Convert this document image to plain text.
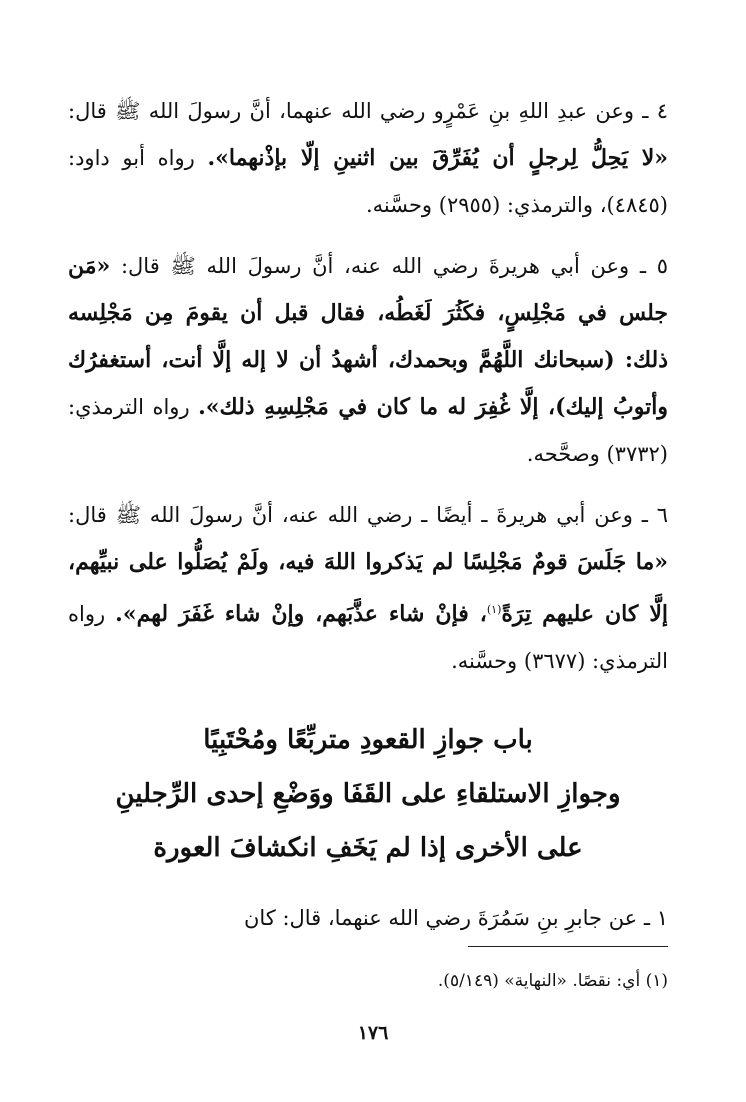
٤ ـ وعن عبدِ اللهِ بنِ عَمْرٍو رضي الله عنهما، أنَّ رسولَ الله ﷺ قال: «لا يَحِلُّ لِرجلٍ أن يُفَرِّقَ بين اثنينِ إلّا بإذْنهما». رواه أبو داود: (٤٨٤٥)، والترمذي: (٢٩٥٥) وحسَّنه.

٥ ـ وعن أبي هريرةَ رضي الله عنه، أنَّ رسولَ الله ﷺ قال: «مَن جلس في مَجْلِسٍ، فكَثُرَ لَغَطُه، فقال قبل أن يقومَ مِن مَجْلِسه ذلك: (سبحانك اللَّهُمَّ وبحمدك، أشهدُ أن لا إله إلَّا أنت، أستغفرُك وأتوبُ إليك)، إلَّا غُفِرَ له ما كان في مَجْلِسِهِ ذلك». رواه الترمذي: (٣٧٣٢) وصحَّحه.

٦ ـ وعن أبي هريرةَ ـ أيضًا ـ رضي الله عنه، أنَّ رسولَ الله ﷺ قال: «ما جَلَسَ قومٌ مَجْلِسًا لم يَذكروا اللهَ فيه، ولَمْ يُصَلُّوا على نبيِّهم، إلَّا كان عليهم تِرَةً$^{(١)}$، فإنْ شاء عذَّبَهم، وإنْ شاء غَفَرَ لهم». رواه الترمذي: (٣٦٧٧) وحسَّنه.

باب جوازِ القعودِ متربِّعًا ومُحْتَبِيًا
وجوازِ الاستلقاءِ على القَفَا ووَضْعِ إحدى الرِّجلينِ
على الأخرى إذا لم يَخَفِ انكشافَ العورة

١ ـ عن جابرِ بنِ سَمُرَةَ رضي الله عنهما، قال: كان

(١) أي: نقصًا. «النهاية» (٥/١٤٩).
١٧٦
